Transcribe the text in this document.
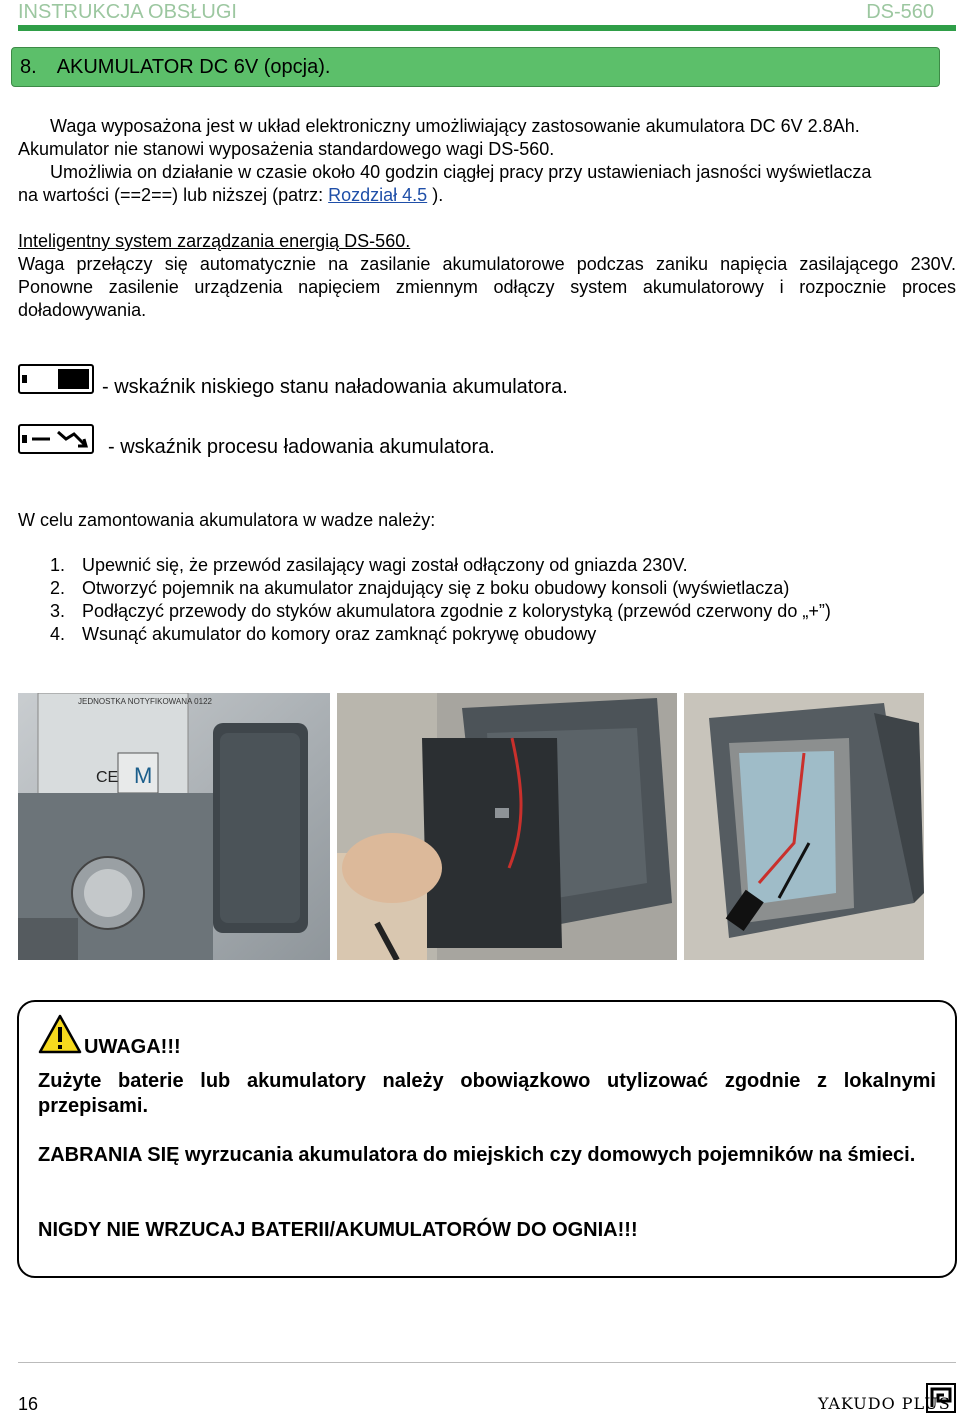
INSTRUKCJA OBSŁUGI	DS-560
8. AKUMULATOR DC 6V (opcja).
Waga wyposażona jest w układ elektroniczny umożliwiający zastosowanie akumulatora DC 6V 2.8Ah.
Akumulator nie stanowi wyposażenia standardowego wagi DS-560.
Umożliwia on działanie w czasie około 40 godzin ciągłej pracy przy ustawieniach jasności wyświetlacza
na wartości (==2==) lub niższej (patrz: Rozdział 4.5 ).
Inteligentny system zarządzania energią DS-560.
Waga przełączy się automatycznie na zasilanie akumulatorowe podczas zaniku napięcia zasilającego 230V. Ponowne zasilenie urządzenia napięciem zmiennym odłączy system akumulatorowy i rozpocznie proces doładowywania.
- wskaźnik niskiego stanu naładowania akumulatora.
- wskaźnik procesu ładowania akumulatora.
W celu zamontowania akumulatora w wadze należy:
1. Upewnić się, że przewód zasilający wagi został odłączony od gniazda 230V.
2. Otworzyć pojemnik na akumulator znajdujący się z boku obudowy konsoli (wyświetlacza)
3. Podłączyć przewody do styków akumulatora zgodnie z kolorystyką (przewód czerwony do „+”)
4. Wsunąć akumulator do komory oraz zamknąć pokrywę obudowy
JEDNOSTKA NOTYFIKOWANA 0122
M
CE
UWAGA!!!
Zużyte baterie lub akumulatory należy obowiązkowo utylizować zgodnie z lokalnymi przepisami.
ZABRANIA SIĘ wyrzucania akumulatora do miejskich czy domowych pojemników na śmieci.
NIGDY NIE WRZUCAJ BATERII/AKUMULATORÓW DO OGNIA!!!
16	YAKUDO PLUS
